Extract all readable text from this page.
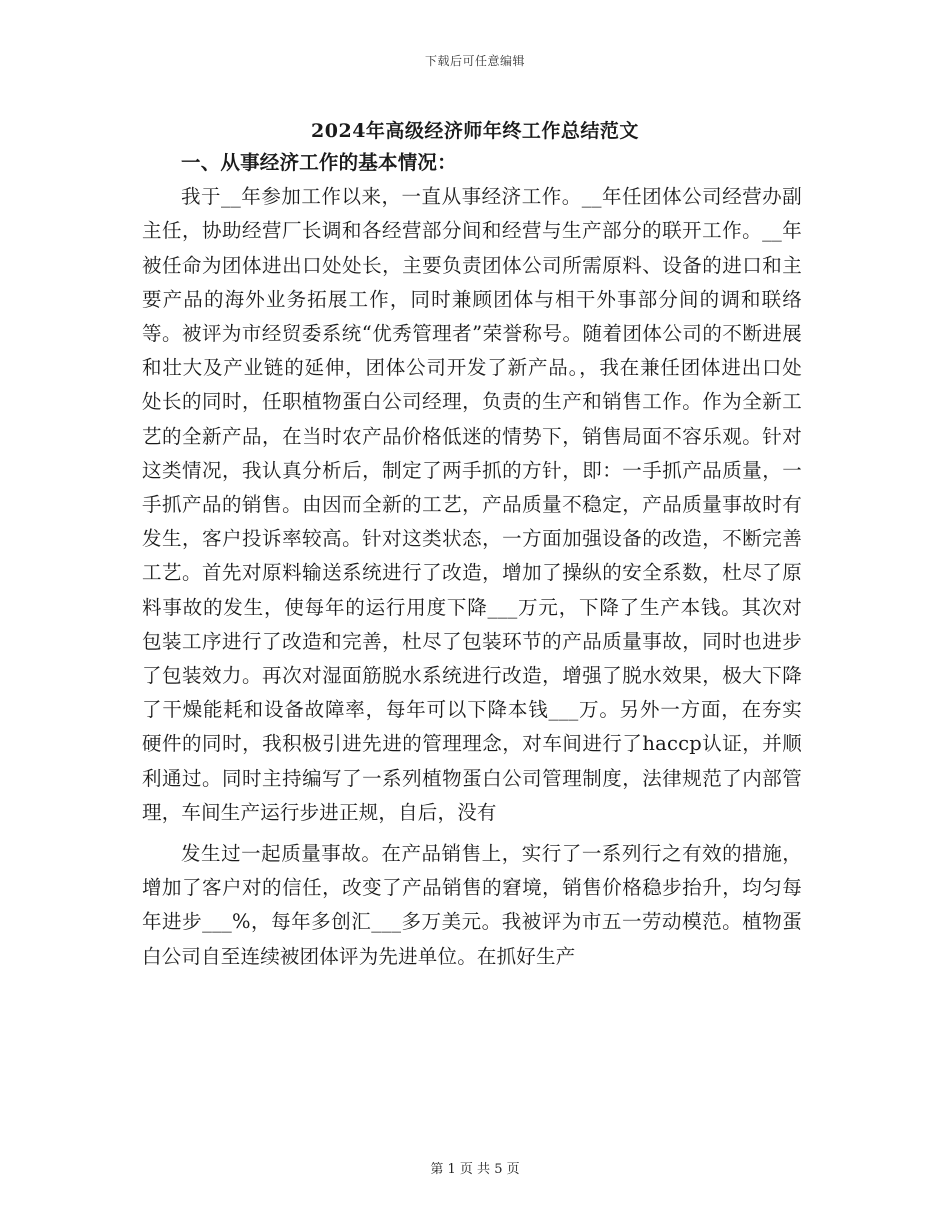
下载后可任意编辑
2024年高级经济师年终工作总结范文

一、从事经济工作的基本情况：

我于__年参加工作以来，一直从事经济工作。__年任团体公司经营办副主任，协助经营厂长调和各经营部分间和经营与生产部分的联开工作。__年被任命为团体进出口处处长，主要负责团体公司所需原料、设备的进口和主要产品的海外业务拓展工作，同时兼顾团体与相干外事部分间的调和联络等。被评为市经贸委系统“优秀管理者”荣誉称号。随着团体公司的不断进展和壮大及产业链的延伸，团体公司开发了新产品。，我在兼任团体进出口处处长的同时，任职植物蛋白公司经理，负责的生产和销售工作。作为全新工艺的全新产品，在当时农产品价格低迷的情势下，销售局面不容乐观。针对这类情况，我认真分析后，制定了两手抓的方针，即：一手抓产品质量，一手抓产品的销售。由因而全新的工艺，产品质量不稳定，产品质量事故时有发生，客户投诉率较高。针对这类状态，一方面加强设备的改造，不断完善工艺。首先对原料输送系统进行了改造，增加了操纵的安全系数，杜尽了原料事故的发生，使每年的运行用度下降___万元，下降了生产本钱。其次对包装工序进行了改造和完善，杜尽了包装环节的产品质量事故，同时也进步了包装效力。再次对湿面筋脱水系统进行改造，增强了脱水效果，极大下降了干燥能耗和设备故障率，每年可以下降本钱___万。另外一方面，在夯实硬件的同时，我积极引进先进的管理理念，对车间进行了haccp认证，并顺利通过。同时主持编写了一系列植物蛋白公司管理制度，法律规范了内部管理，车间生产运行步进正规，自后，没有

发生过一起质量事故。在产品销售上，实行了一系列行之有效的措施，增加了客户对的信任，改变了产品销售的窘境，销售价格稳步抬升，均匀每年进步___%，每年多创汇___多万美元。我被评为市五一劳动模范。植物蛋白公司自至连续被团体评为先进单位。在抓好生产

第 1 页 共 5 页
